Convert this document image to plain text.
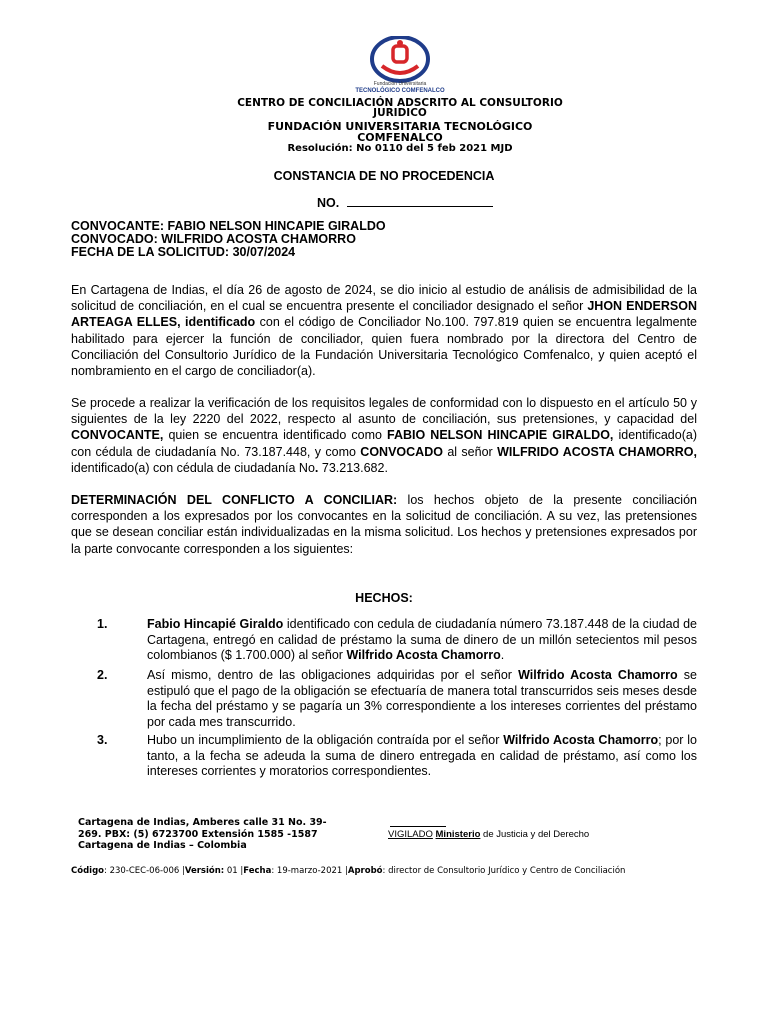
Fundación Universitaria
TECNOLÓGICO COMFENALCO
CENTRO DE CONCILIACIÓN ADSCRITO AL CONSULTORIO
JURIDICO
FUNDACIÓN UNIVERSITARIA TECNOLÓGICO
COMFENALCO
Resolución: No 0110 del 5 feb 2021 MJD
CONSTANCIA DE NO PROCEDENCIA
NO.
CONVOCANTE: FABIO NELSON HINCAPIE GIRALDO
CONVOCADO: WILFRIDO ACOSTA CHAMORRO
FECHA DE LA SOLICITUD: 30/07/2024
En Cartagena de Indias, el día 26 de agosto de 2024, se dio inicio al estudio de análisis de admisibilidad de la solicitud de conciliación, en el cual se encuentra presente el conciliador designado el señor JHON ENDERSON ARTEAGA ELLES, identificado con el código de Conciliador No.100. 797.819 quien se encuentra legalmente habilitado para ejercer la función de conciliador, quien fuera nombrado por la directora del Centro de Conciliación del Consultorio Jurídico de la Fundación Universitaria Tecnológico Comfenalco, y quien aceptó el nombramiento en el cargo de conciliador(a).
Se procede a realizar la verificación de los requisitos legales de conformidad con lo dispuesto en el artículo 50 y siguientes de la ley 2220 del 2022, respecto al asunto de conciliación, sus pretensiones, y capacidad del CONVOCANTE, quien se encuentra identificado como FABIO NELSON HINCAPIE GIRALDO, identificado(a) con cédula de ciudadanía No. 73.187.448, y como CONVOCADO al señor WILFRIDO ACOSTA CHAMORRO, identificado(a) con cédula de ciudadanía No. 73.213.682.
DETERMINACIÓN DEL CONFLICTO A CONCILIAR: los hechos objeto de la presente conciliación corresponden a los expresados por los convocantes en la solicitud de conciliación. A su vez, las pretensiones que se desean conciliar están individualizadas en la misma solicitud. Los hechos y pretensiones expresados por la parte convocante corresponden a los siguientes:
HECHOS:
1.	Fabio Hincapié Giraldo identificado con cedula de ciudadanía número 73.187.448 de la ciudad de Cartagena, entregó en calidad de préstamo la suma de dinero de un millón setecientos mil pesos colombianos ($ 1.700.000) al señor Wilfrido Acosta Chamorro.
2.	Así mismo, dentro de las obligaciones adquiridas por el señor Wilfrido Acosta Chamorro se estipuló que el pago de la obligación se efectuaría de manera total transcurridos seis meses desde la fecha del préstamo y se pagaría un 3% correspondiente a los intereses corrientes del préstamo por cada mes transcurrido.
3.	Hubo un incumplimiento de la obligación contraída por el señor Wilfrido Acosta Chamorro; por lo tanto, a la fecha se adeuda la suma de dinero entregada en calidad de préstamo, así como los intereses corrientes y moratorios correspondientes.
Cartagena de Indias, Amberes calle 31 No. 39-
269. PBX: (5) 6723700 Extensión 1585 -1587
Cartagena de Indias – Colombia
VIGILADO Ministerio de Justicia y del Derecho
Código: 230-CEC-06-006 |Versión: 01 |Fecha: 19-marzo-2021 |Aprobó: director de Consultorio Jurídico y Centro de Conciliación
